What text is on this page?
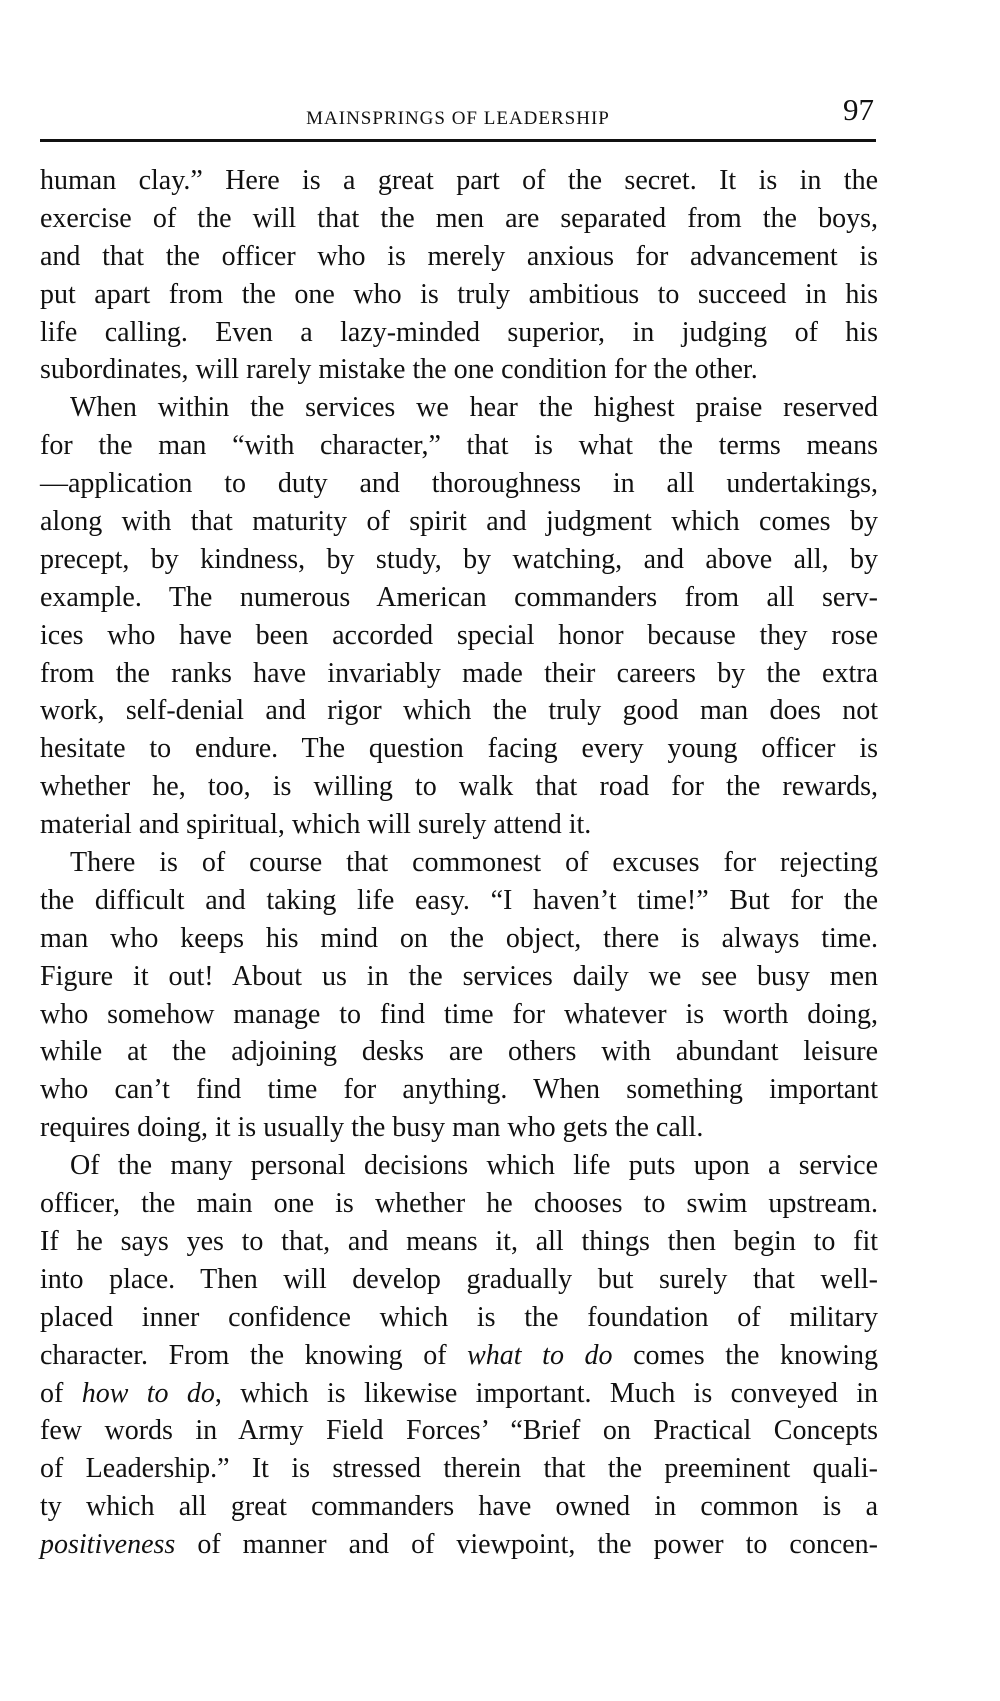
MAINSPRINGS OF LEADERSHIP	97
human clay.” Here is a great part of the secret. It is in the
exercise of the will that the men are separated from the boys,
and that the officer who is merely anxious for advancement is
put apart from the one who is truly ambitious to succeed in his
life calling. Even a lazy-minded superior, in judging of his
subordinates, will rarely mistake the one condition for the other.
When within the services we hear the highest praise reserved
for the man “with character,” that is what the terms means
—application to duty and thoroughness in all undertakings,
along with that maturity of spirit and judgment which comes by
precept, by kindness, by study, by watching, and above all, by
example. The numerous American commanders from all serv-
ices who have been accorded special honor because they rose
from the ranks have invariably made their careers by the extra
work, self-denial and rigor which the truly good man does not
hesitate to endure. The question facing every young officer is
whether he, too, is willing to walk that road for the rewards,
material and spiritual, which will surely attend it.
There is of course that commonest of excuses for rejecting
the difficult and taking life easy. “I haven’t time!” But for the
man who keeps his mind on the object, there is always time.
Figure it out! About us in the services daily we see busy men
who somehow manage to find time for whatever is worth doing,
while at the adjoining desks are others with abundant leisure
who can’t find time for anything. When something important
requires doing, it is usually the busy man who gets the call.
Of the many personal decisions which life puts upon a service
officer, the main one is whether he chooses to swim upstream.
If he says yes to that, and means it, all things then begin to fit
into place. Then will develop gradually but surely that well-
placed inner confidence which is the foundation of military
character. From the knowing of what to do comes the knowing
of how to do, which is likewise important. Much is conveyed in
few words in Army Field Forces’ “Brief on Practical Concepts
of Leadership.” It is stressed therein that the preeminent quali-
ty which all great commanders have owned in common is a
positiveness of manner and of viewpoint, the power to concen-
